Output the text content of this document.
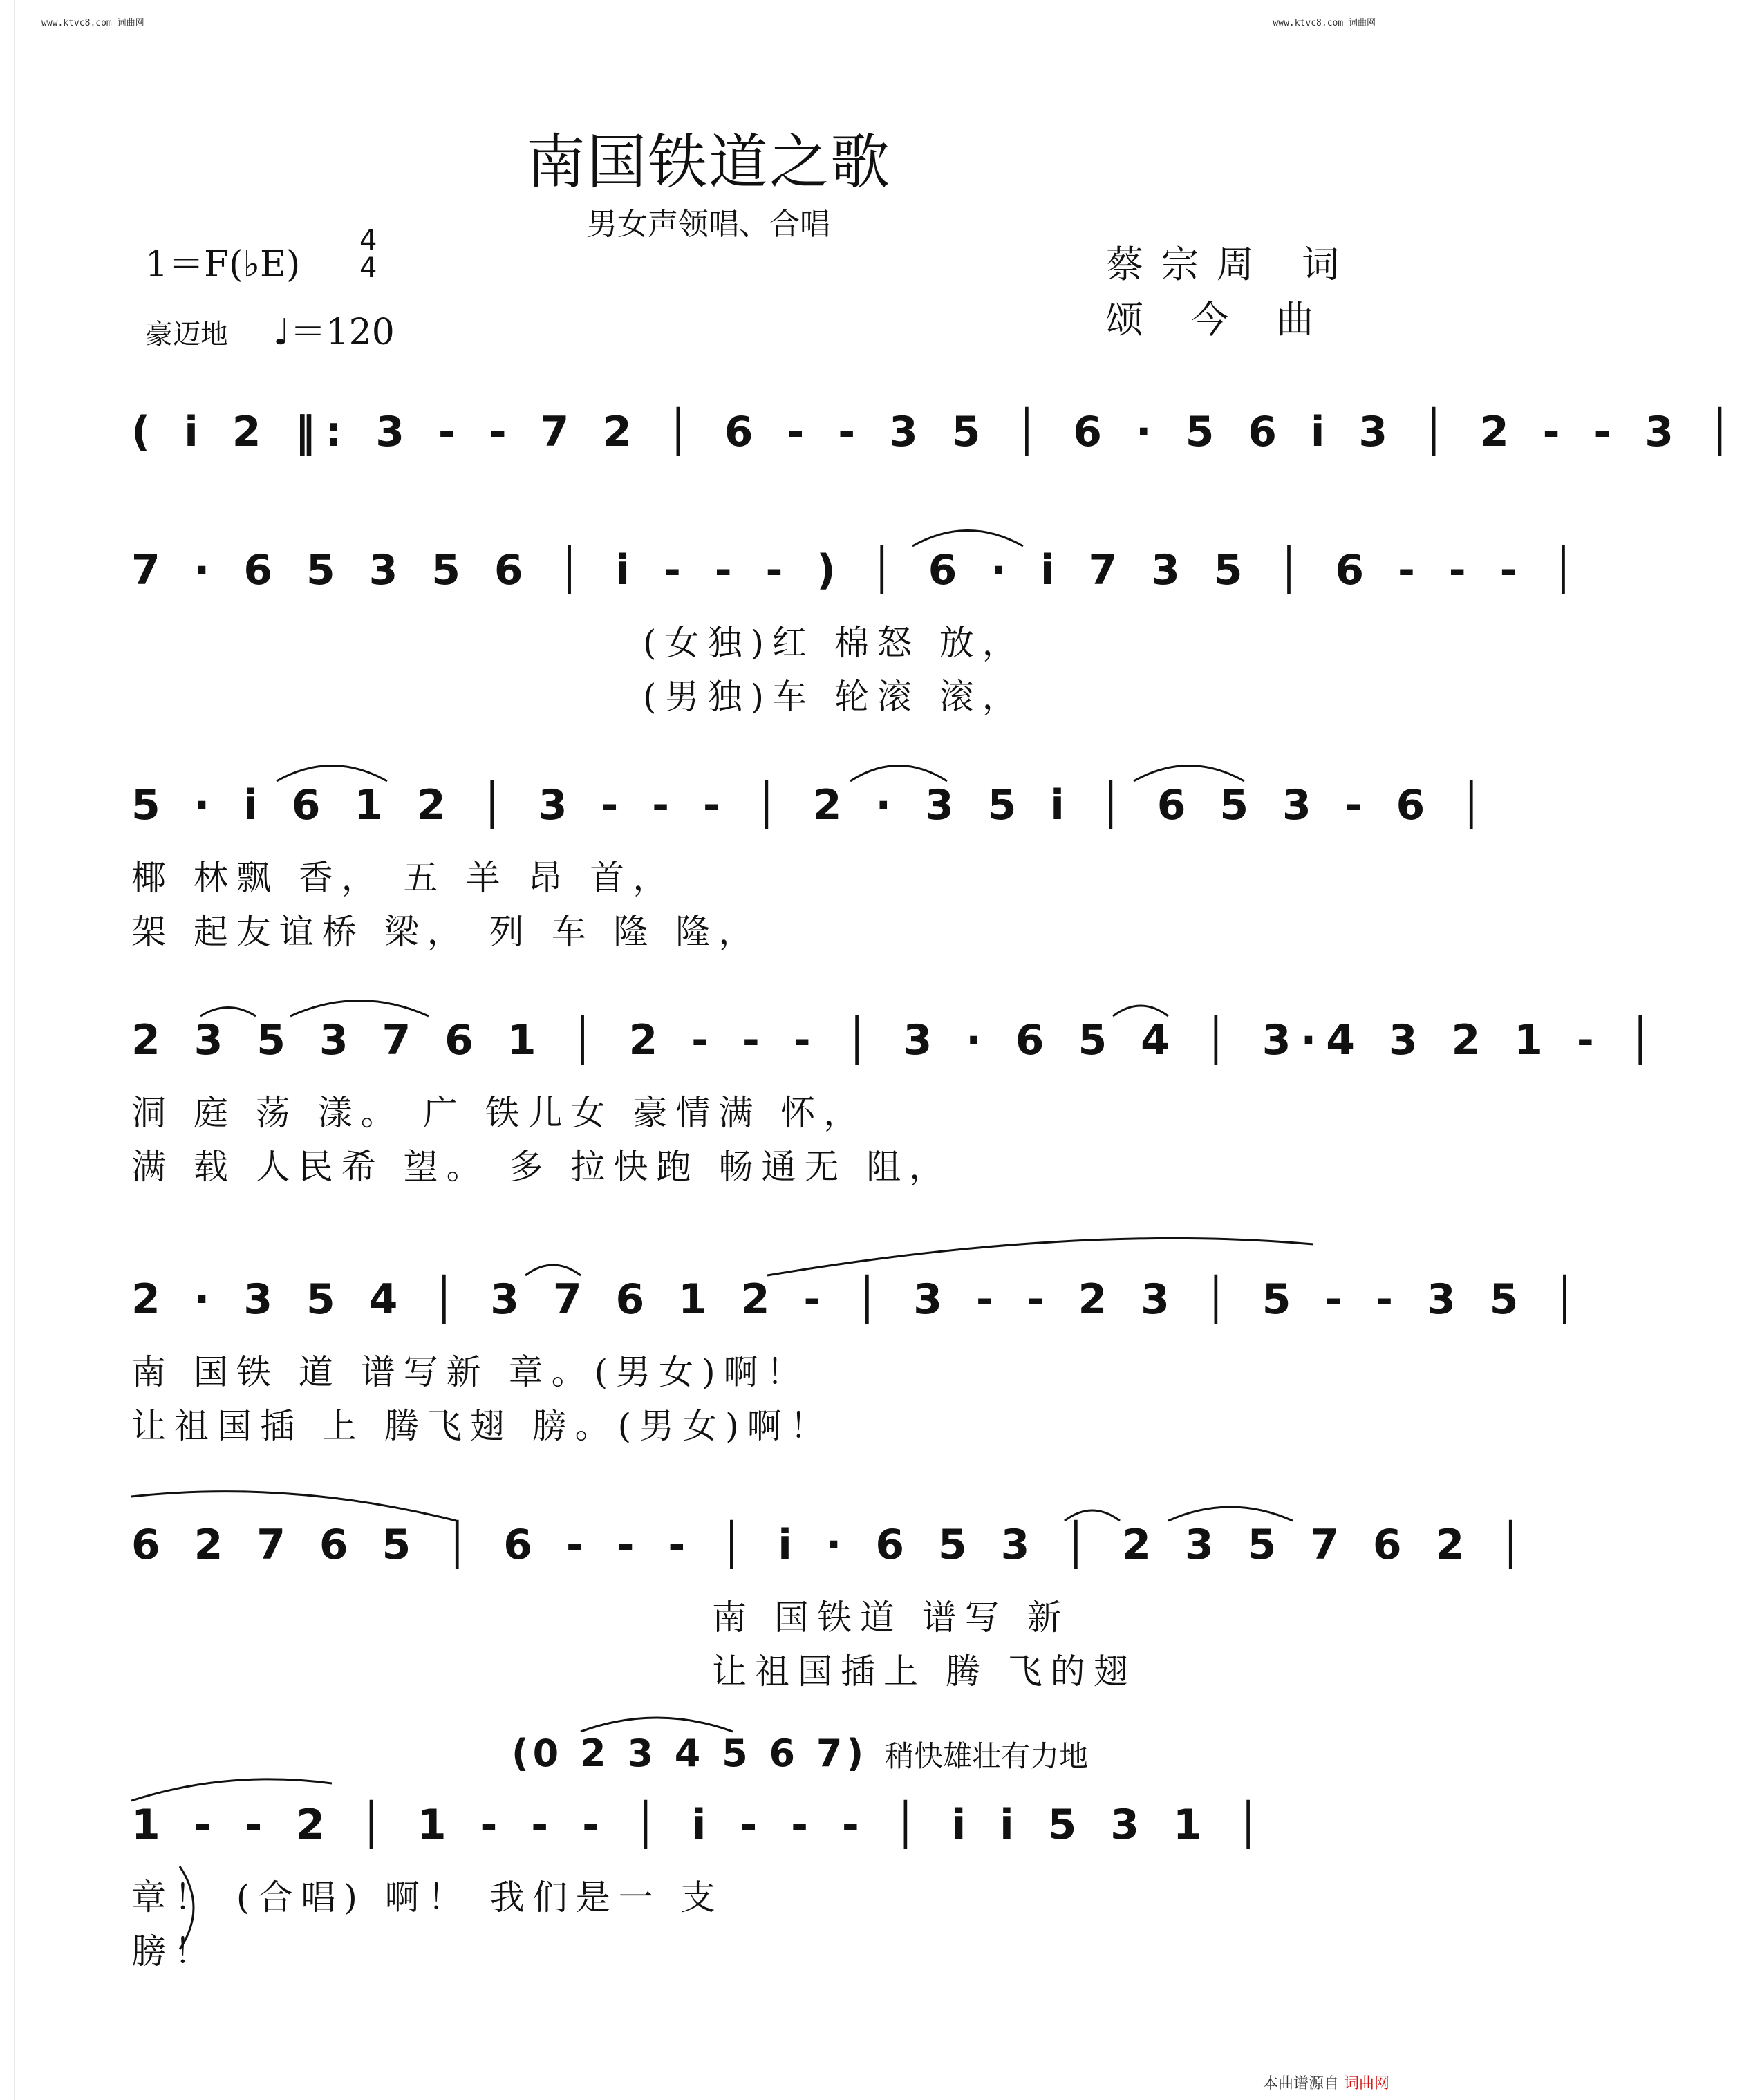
www.ktvc8.com 词曲网	www.ktvc8.com 词曲网
南国铁道之歌
男女声领唱、合唱
1＝F(♭E)
4
4
豪迈地 ♩＝120
蔡宗周 词
颂 今 曲
( i 2 ‖: 3 - - 7 2 │ 6 - - 3 5 │ 6 · 5 6 i 3 │ 2 - - 3 │
7 · 6 5 3 5 6 │ i - - - ) │ 6 · i 7 3 5 │ 6 - - - │
(女独)红 棉怒 放，
(男独)车 轮滚 滚，
5 · i 6 1 2 │ 3 - - - │ 2 · 3 5 i │ 6 5 3 - 6 │
椰 林飘 香， 五 羊 昂 首，
架 起友谊桥 梁， 列 车 隆 隆，
2 3 5 3 7 6 1 │ 2 - - - │ 3 · 6 5 4 │ 3·4 3 2 1 - │
洞 庭 荡 漾。 广 铁儿女 豪情满 怀，
满 载 人民希 望。 多 拉快跑 畅通无 阻，
2 · 3 5 4 │ 3 7 6 1 2 - │ 3 - - 2 3 │ 5 - - 3 5 │
南 国铁 道 谱写新 章。(男女)啊！
让祖国插 上 腾飞翅 膀。(男女)啊！
6 2 7 6 5 │ 6 - - - │ i · 6 5 3 │ 2 3 5 7 6 2 │
南 国铁道 谱写 新
让祖国插上 腾 飞的翅
(0 2 3 4 5 6 7) 稍快雄壮有力地
1 - - 2 │ 1 - - - │ i - - - │ i i 5 3 1 │
章！ (合唱) 啊！ 我们是一 支
膀！
本曲谱源自 词曲网
